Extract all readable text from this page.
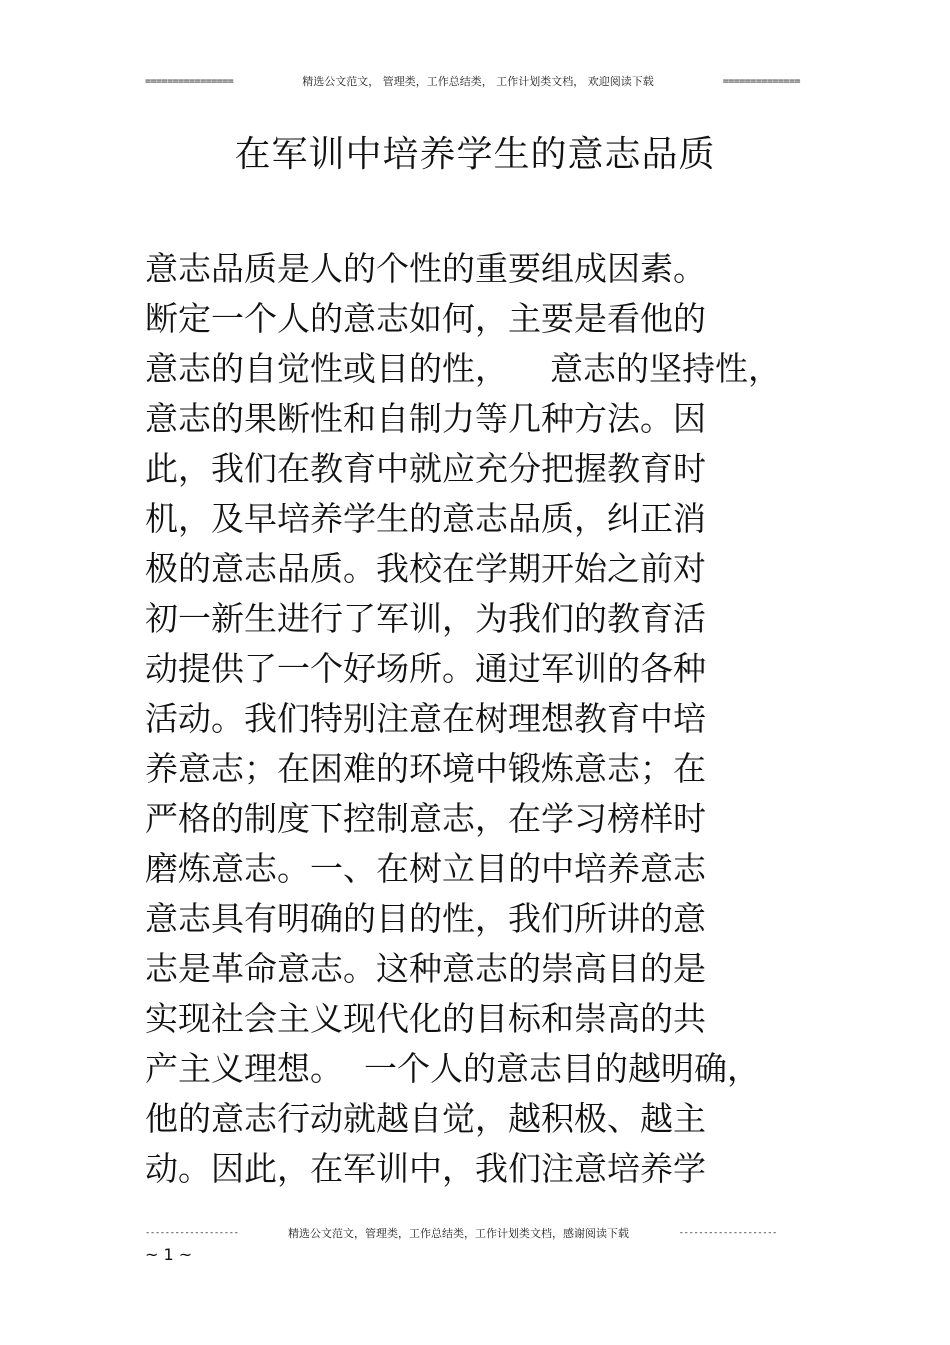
================	精选公文范文， 管理类，工作总结类， 工作计划类文档， 欢迎阅读下载	==============
在军训中培养学生的意志品质
意志品质是人的个性的重要组成因素。
断定一个人的意志如何，主要是看他的
意志的自觉性或目的性，    意志的坚持性，
意志的果断性和自制力等几种方法。因
此，我们在教育中就应充分把握教育时
机，及早培养学生的意志品质，纠正消
极的意志品质。我校在学期开始之前对
初一新生进行了军训，为我们的教育活
动提供了一个好场所。通过军训的各种
活动。我们特别注意在树理想教育中培
养意志；在困难的环境中锻炼意志；在
严格的制度下控制意志，在学习榜样时
磨炼意志。一、在树立目的中培养意志
意志具有明确的目的性，我们所讲的意
志是革命意志。这种意志的崇高目的是
实现社会主义现代化的目标和崇高的共
产主义理想。  一个人的意志目的越明确，
他的意志行动就越自觉，越积极、越主
动。因此，在军训中，我们注意培养学
-------------------	精选公文范文，管理类，工作总结类，工作计划类文档，感谢阅读下载	--------------------
~ 1 ~
